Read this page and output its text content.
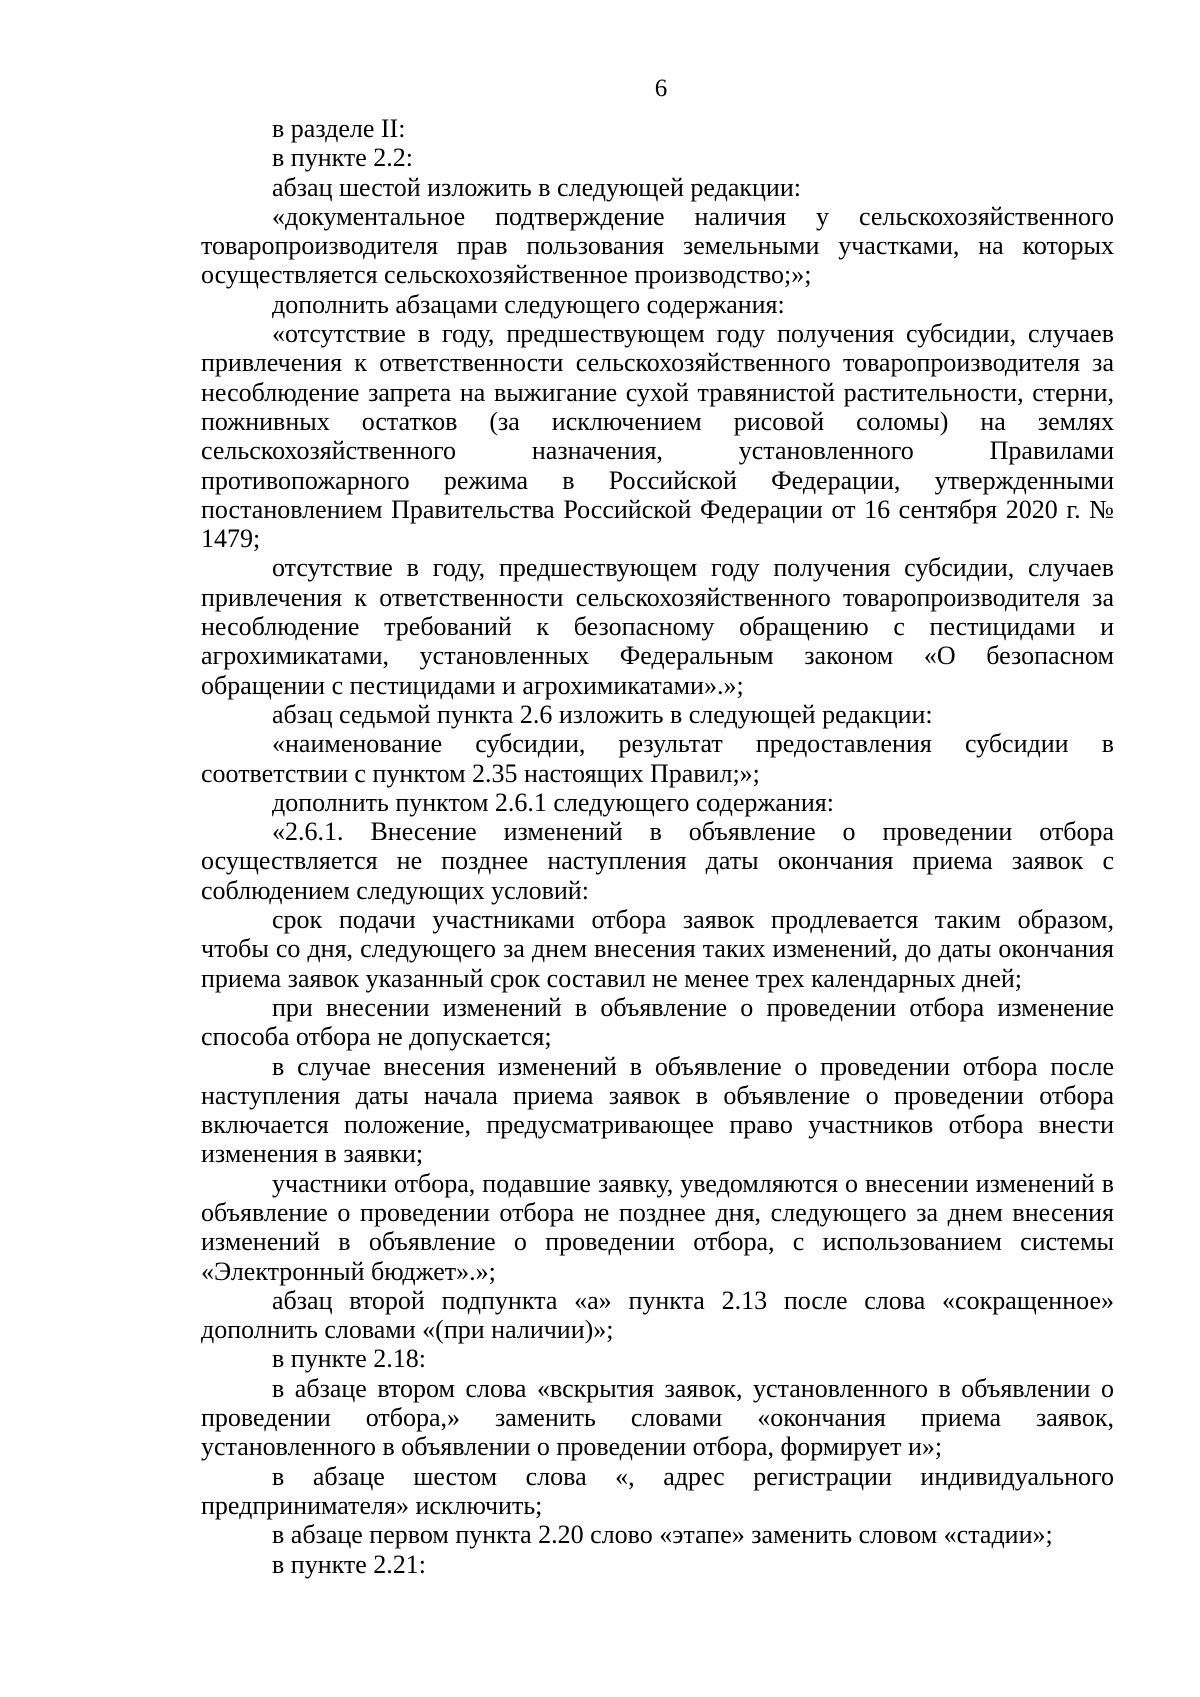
6

в разделе II:

в пункте 2.2:

абзац шестой изложить в следующей редакции:

«документальное подтверждение наличия у сельскохозяйственного товаропроизводителя прав пользования земельными участками, на которых осуществляется сельскохозяйственное производство;»;

дополнить абзацами следующего содержания:

«отсутствие в году, предшествующем году получения субсидии, случаев привлечения к ответственности сельскохозяйственного товаропроизводителя за несоблюдение запрета на выжигание сухой травянистой растительности, стерни, пожнивных остатков (за исключением рисовой соломы) на землях сельскохозяйственного назначения, установленного Правилами противопожарного режима в Российской Федерации, утвержденными постановлением Правительства Российской Федерации от 16 сентября 2020 г. № 1479;

отсутствие в году, предшествующем году получения субсидии, случаев привлечения к ответственности сельскохозяйственного товаропроизводителя за несоблюдение требований к безопасному обращению с пестицидами и агрохимикатами, установленных Федеральным законом «О безопасном обращении с пестицидами и агрохимикатами».»;

абзац седьмой пункта 2.6 изложить в следующей редакции:

«наименование субсидии, результат предоставления субсидии в соответствии с пунктом 2.35 настоящих Правил;»;

дополнить пунктом 2.6.1 следующего содержания:

«2.6.1. Внесение изменений в объявление о проведении отбора осуществляется не позднее наступления даты окончания приема заявок с соблюдением следующих условий:

срок подачи участниками отбора заявок продлевается таким образом, чтобы со дня, следующего за днем внесения таких изменений, до даты окончания приема заявок указанный срок составил не менее трех календарных дней;

при внесении изменений в объявление о проведении отбора изменение способа отбора не допускается;

в случае внесения изменений в объявление о проведении отбора после наступления даты начала приема заявок в объявление о проведении отбора включается положение, предусматривающее право участников отбора внести изменения в заявки;

участники отбора, подавшие заявку, уведомляются о внесении изменений в объявление о проведении отбора не позднее дня, следующего за днем внесения изменений в объявление о проведении отбора, с использованием системы «Электронный бюджет».»;

абзац второй подпункта «а» пункта 2.13 после слова «сокращенное» дополнить словами «(при наличии)»;

в пункте 2.18:

в абзаце втором слова «вскрытия заявок, установленного в объявлении о проведении отбора,» заменить словами «окончания приема заявок, установленного в объявлении о проведении отбора, формирует и»;

в абзаце шестом слова «, адрес регистрации индивидуального предпринимателя» исключить;

в абзаце первом пункта 2.20 слово «этапе» заменить словом «стадии»;

в пункте 2.21:
